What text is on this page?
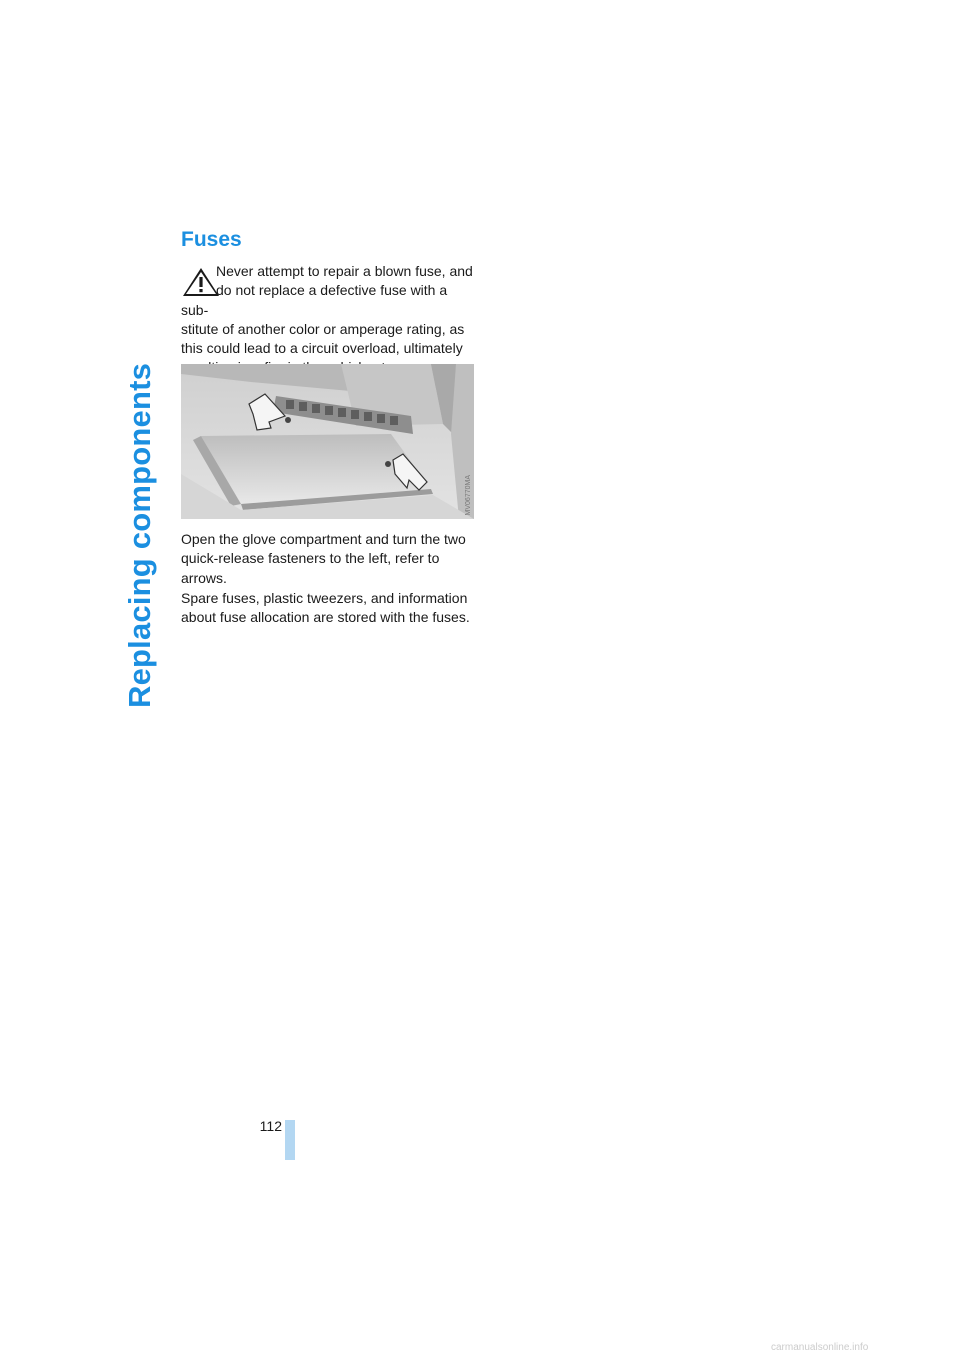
Replacing components
Fuses

Never attempt to repair a blown fuse, and
do not replace a defective fuse with a sub-
stitute of another color or amperage rating, as
this could lead to a circuit overload, ultimately

MV06770MA

Open the glove compartment and turn the two
quick-release fasteners to the left, refer to
arrows.

Spare fuses, plastic tweezers, and information
about fuse allocation are stored with the fuses.

112
carmanualsonline.info
